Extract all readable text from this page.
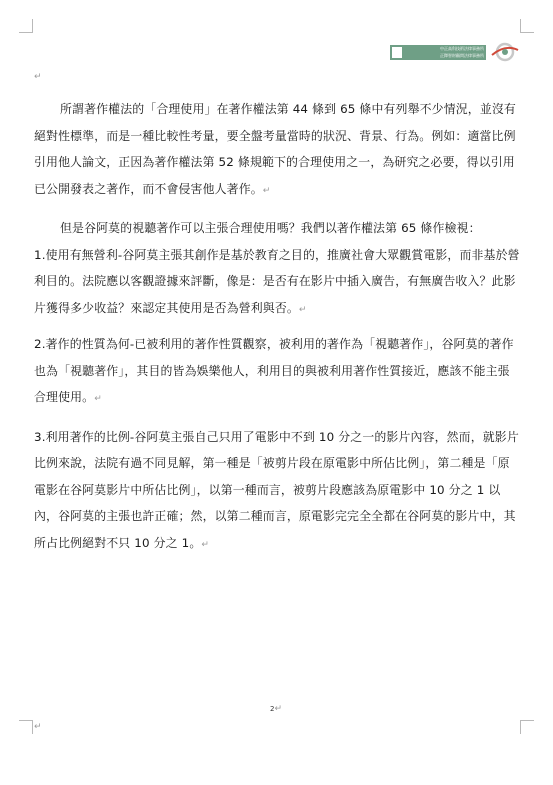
中正高科技術法律事務所
正鐸智財顧問法律事務所
↵

所謂著作權法的「合理使用」在著作權法第 44 條到 65 條中有列舉不少情況，並沒有絕對性標準，而是一種比較性考量，要全盤考量當時的狀況、背景、行為。例如：適當比例引用他人論文，正因為著作權法第 52 條規範下的合理使用之一，為研究之必要，得以引用已公開發表之著作，而不會侵害他人著作。↵

但是谷阿莫的視聽著作可以主張合理使用嗎？我們以著作權法第 65 條作檢視：

1.使用有無營利-谷阿莫主張其創作是基於教育之目的，推廣社會大眾觀賞電影，而非基於營利目的。法院應以客觀證據來評斷，像是：是否有在影片中插入廣告，有無廣告收入？此影片獲得多少收益？來認定其使用是否為營利與否。↵

2.著作的性質為何-已被利用的著作性質觀察，被利用的著作為「視聽著作」，谷阿莫的著作也為「視聽著作」，其目的皆為娛樂他人，利用目的與被利用著作性質接近，應該不能主張合理使用。↵

3.利用著作的比例-谷阿莫主張自己只用了電影中不到 10 分之一的影片內容，然而，就影片比例來說，法院有過不同見解，第一種是「被剪片段在原電影中所佔比例」，第二種是「原電影在谷阿莫影片中所佔比例」，以第一種而言，被剪片段應該為原電影中 10 分之 1 以內，谷阿莫的主張也許正確；然，以第二種而言，原電影完完全全都在谷阿莫的影片中，其所占比例絕對不只 10 分之 1。↵

2↵
↵
